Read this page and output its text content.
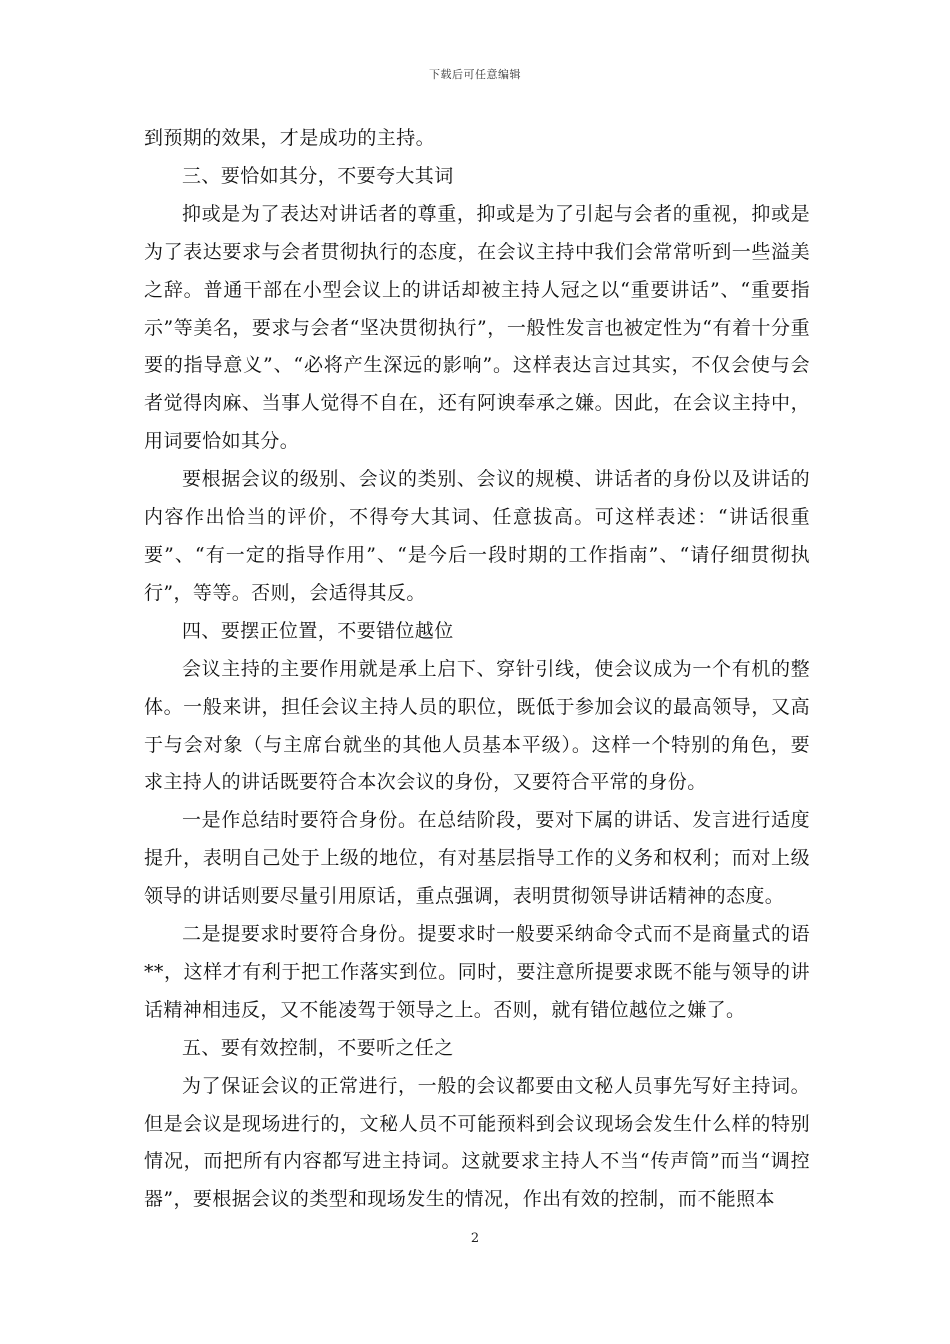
下载后可任意编辑

到预期的效果，才是成功的主持。

三、要恰如其分，不要夸大其词

抑或是为了表达对讲话者的尊重，抑或是为了引起与会者的重视，抑或是为了表达要求与会者贯彻执行的态度，在会议主持中我们会常常听到一些溢美之辞。普通干部在小型会议上的讲话却被主持人冠之以“重要讲话”、“重要指示”等美名，要求与会者“坚决贯彻执行”，一般性发言也被定性为“有着十分重要的指导意义”、“必将产生深远的影响”。这样表达言过其实，不仅会使与会者觉得肉麻、当事人觉得不自在，还有阿谀奉承之嫌。因此，在会议主持中，用词要恰如其分。

要根据会议的级别、会议的类别、会议的规模、讲话者的身份以及讲话的内容作出恰当的评价，不得夸大其词、任意拔高。可这样表述：“讲话很重要”、“有一定的指导作用”、“是今后一段时期的工作指南”、“请仔细贯彻执行”，等等。否则，会适得其反。

四、要摆正位置，不要错位越位

会议主持的主要作用就是承上启下、穿针引线，使会议成为一个有机的整体。一般来讲，担任会议主持人员的职位，既低于参加会议的最高领导，又高于与会对象（与主席台就坐的其他人员基本平级）。这样一个特别的角色，要求主持人的讲话既要符合本次会议的身份，又要符合平常的身份。

一是作总结时要符合身份。在总结阶段，要对下属的讲话、发言进行适度提升，表明自己处于上级的地位，有对基层指导工作的义务和权利；而对上级领导的讲话则要尽量引用原话，重点强调，表明贯彻领导讲话精神的态度。

二是提要求时要符合身份。提要求时一般要采纳命令式而不是商量式的语**，这样才有利于把工作落实到位。同时，要注意所提要求既不能与领导的讲话精神相违反，又不能凌驾于领导之上。否则，就有错位越位之嫌了。

五、要有效控制，不要听之任之

为了保证会议的正常进行，一般的会议都要由文秘人员事先写好主持词。但是会议是现场进行的，文秘人员不可能预料到会议现场会发生什么样的特别情况，而把所有内容都写进主持词。这就要求主持人不当“传声筒”而当“调控器”，要根据会议的类型和现场发生的情况，作出有效的控制，而不能照本

2
